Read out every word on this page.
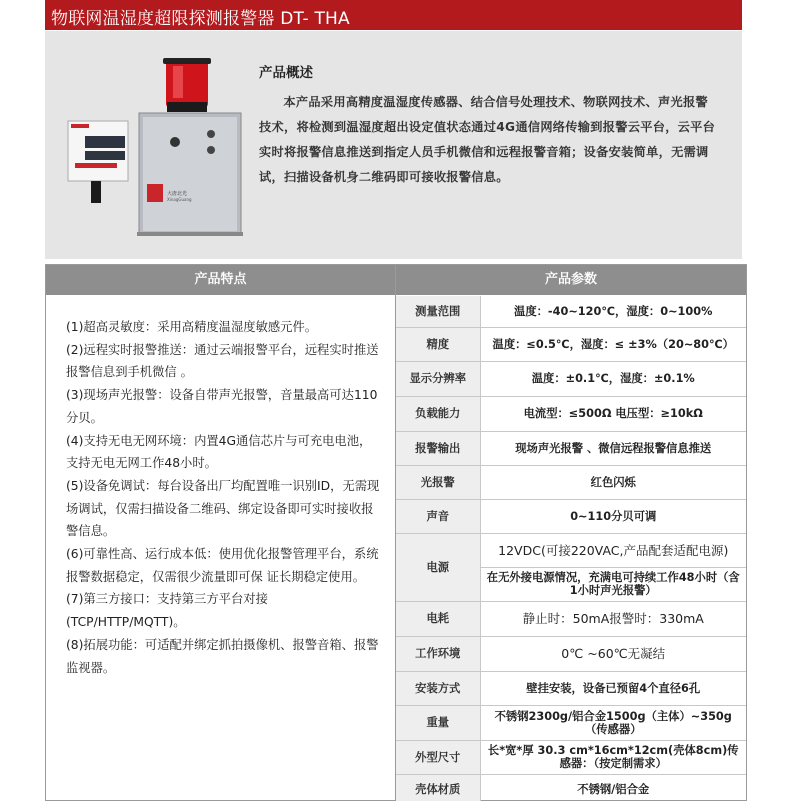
物联网温湿度超限探测报警器 DT- THA
大唐北光
XinagGuang
产品概述
本产品采用高精度温湿度传感器、结合信号处理技术、物联网技术、声光报警技术，将检测到温湿度超出设定值状态通过4G通信网络传输到报警云平台，云平台实时将报警信息推送到指定人员手机微信和远程报警音箱；设备安装简单，无需调试，扫描设备机身二维码即可接收报警信息。
产品特点
(1)超高灵敏度：采用高精度温湿度敏感元件。
(2)远程实时报警推送：通过云端报警平台，远程实时推送报警信息到手机微信 。
(3)现场声光报警：设备自带声光报警，音量最高可达110分贝。
(4)支持无电无网环境：内置4G通信芯片与可充电电池，支持无电无网工作48小时。
(5)设备免调试：每台设备出厂均配置唯一识别ID，无需现场调试，仅需扫描设备二维码、绑定设备即可实时接收报警信息。
(6)可靠性高、运行成本低：使用优化报警管理平台，系统报警数据稳定，仅需很少流量即可保 证长期稳定使用。
(7)第三方接口：支持第三方平台对接(TCP/HTTP/MQTT)。
(8)拓展功能：可适配并绑定抓拍摄像机、报警音箱、报警监视器。
产品参数
测量范围	温度：-40~120℃，湿度：0~100%
精度	温度：≤0.5℃，湿度：≤ ±3%（20~80℃）
显示分辨率	温度：±0.1℃，湿度：±0.1%
负载能力	电流型：≤500Ω 电压型：≥10kΩ
报警输出	现场声光报警 、微信远程报警信息推送
光报警	红色闪烁
声音	0~110分贝可调
电源	12VDC(可接220VAC,产品配套适配电源)
	在无外接电源情况，充满电可持续工作48小时（含1小时声光报警）
电耗	静止时：50mA报警时：330mA
工作环境	0℃ ~60℃无凝结
安装方式	壁挂安装，设备已预留4个直径6孔
重量	不锈钢2300g/铝合金1500g（主体）~350g（传感器）
外型尺寸	长*宽*厚 30.3 cm*16cm*12cm(壳体8cm)传感器：（按定制需求）
壳体材质	不锈钢/铝合金
